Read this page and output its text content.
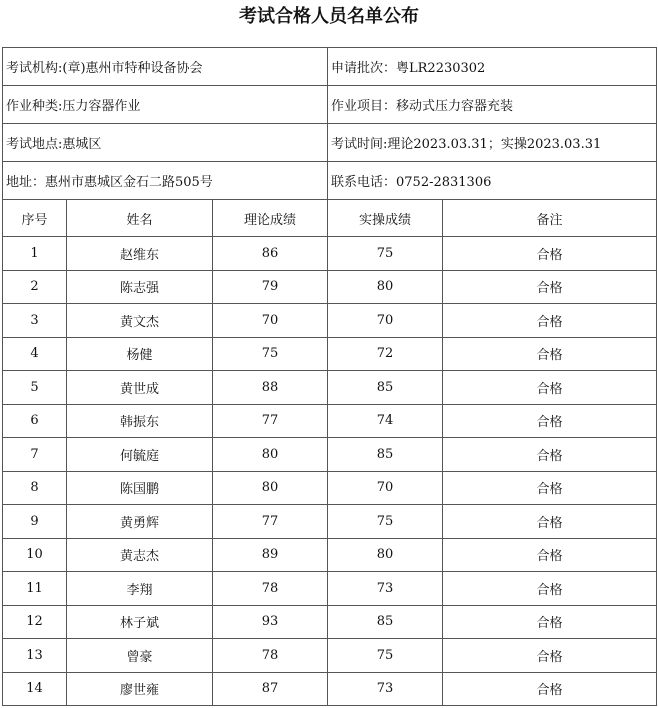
考试合格人员名单公布
考试机构:(章)惠州市特种设备协会			申请批次：粤LR2230302	
作业种类:压力容器作业			作业项目：移动式压力容器充装	
考试地点:惠城区			考试时间:理论2023.03.31；实操2023.03.31	
地址：惠州市惠城区金石二路505号			联系电话：0752-2831306	
序号	姓名	理论成绩	实操成绩	备注
1	赵维东	86	75	合格
2	陈志强	79	80	合格
3	黄文杰	70	70	合格
4	杨健	75	72	合格
5	黄世成	88	85	合格
6	韩振东	77	74	合格
7	何毓庭	80	85	合格
8	陈国鹏	80	70	合格
9	黄勇辉	77	75	合格
10	黄志杰	89	80	合格
11	李翔	78	73	合格
12	林子斌	93	85	合格
13	曾豪	78	75	合格
14	廖世雍	87	73	合格
